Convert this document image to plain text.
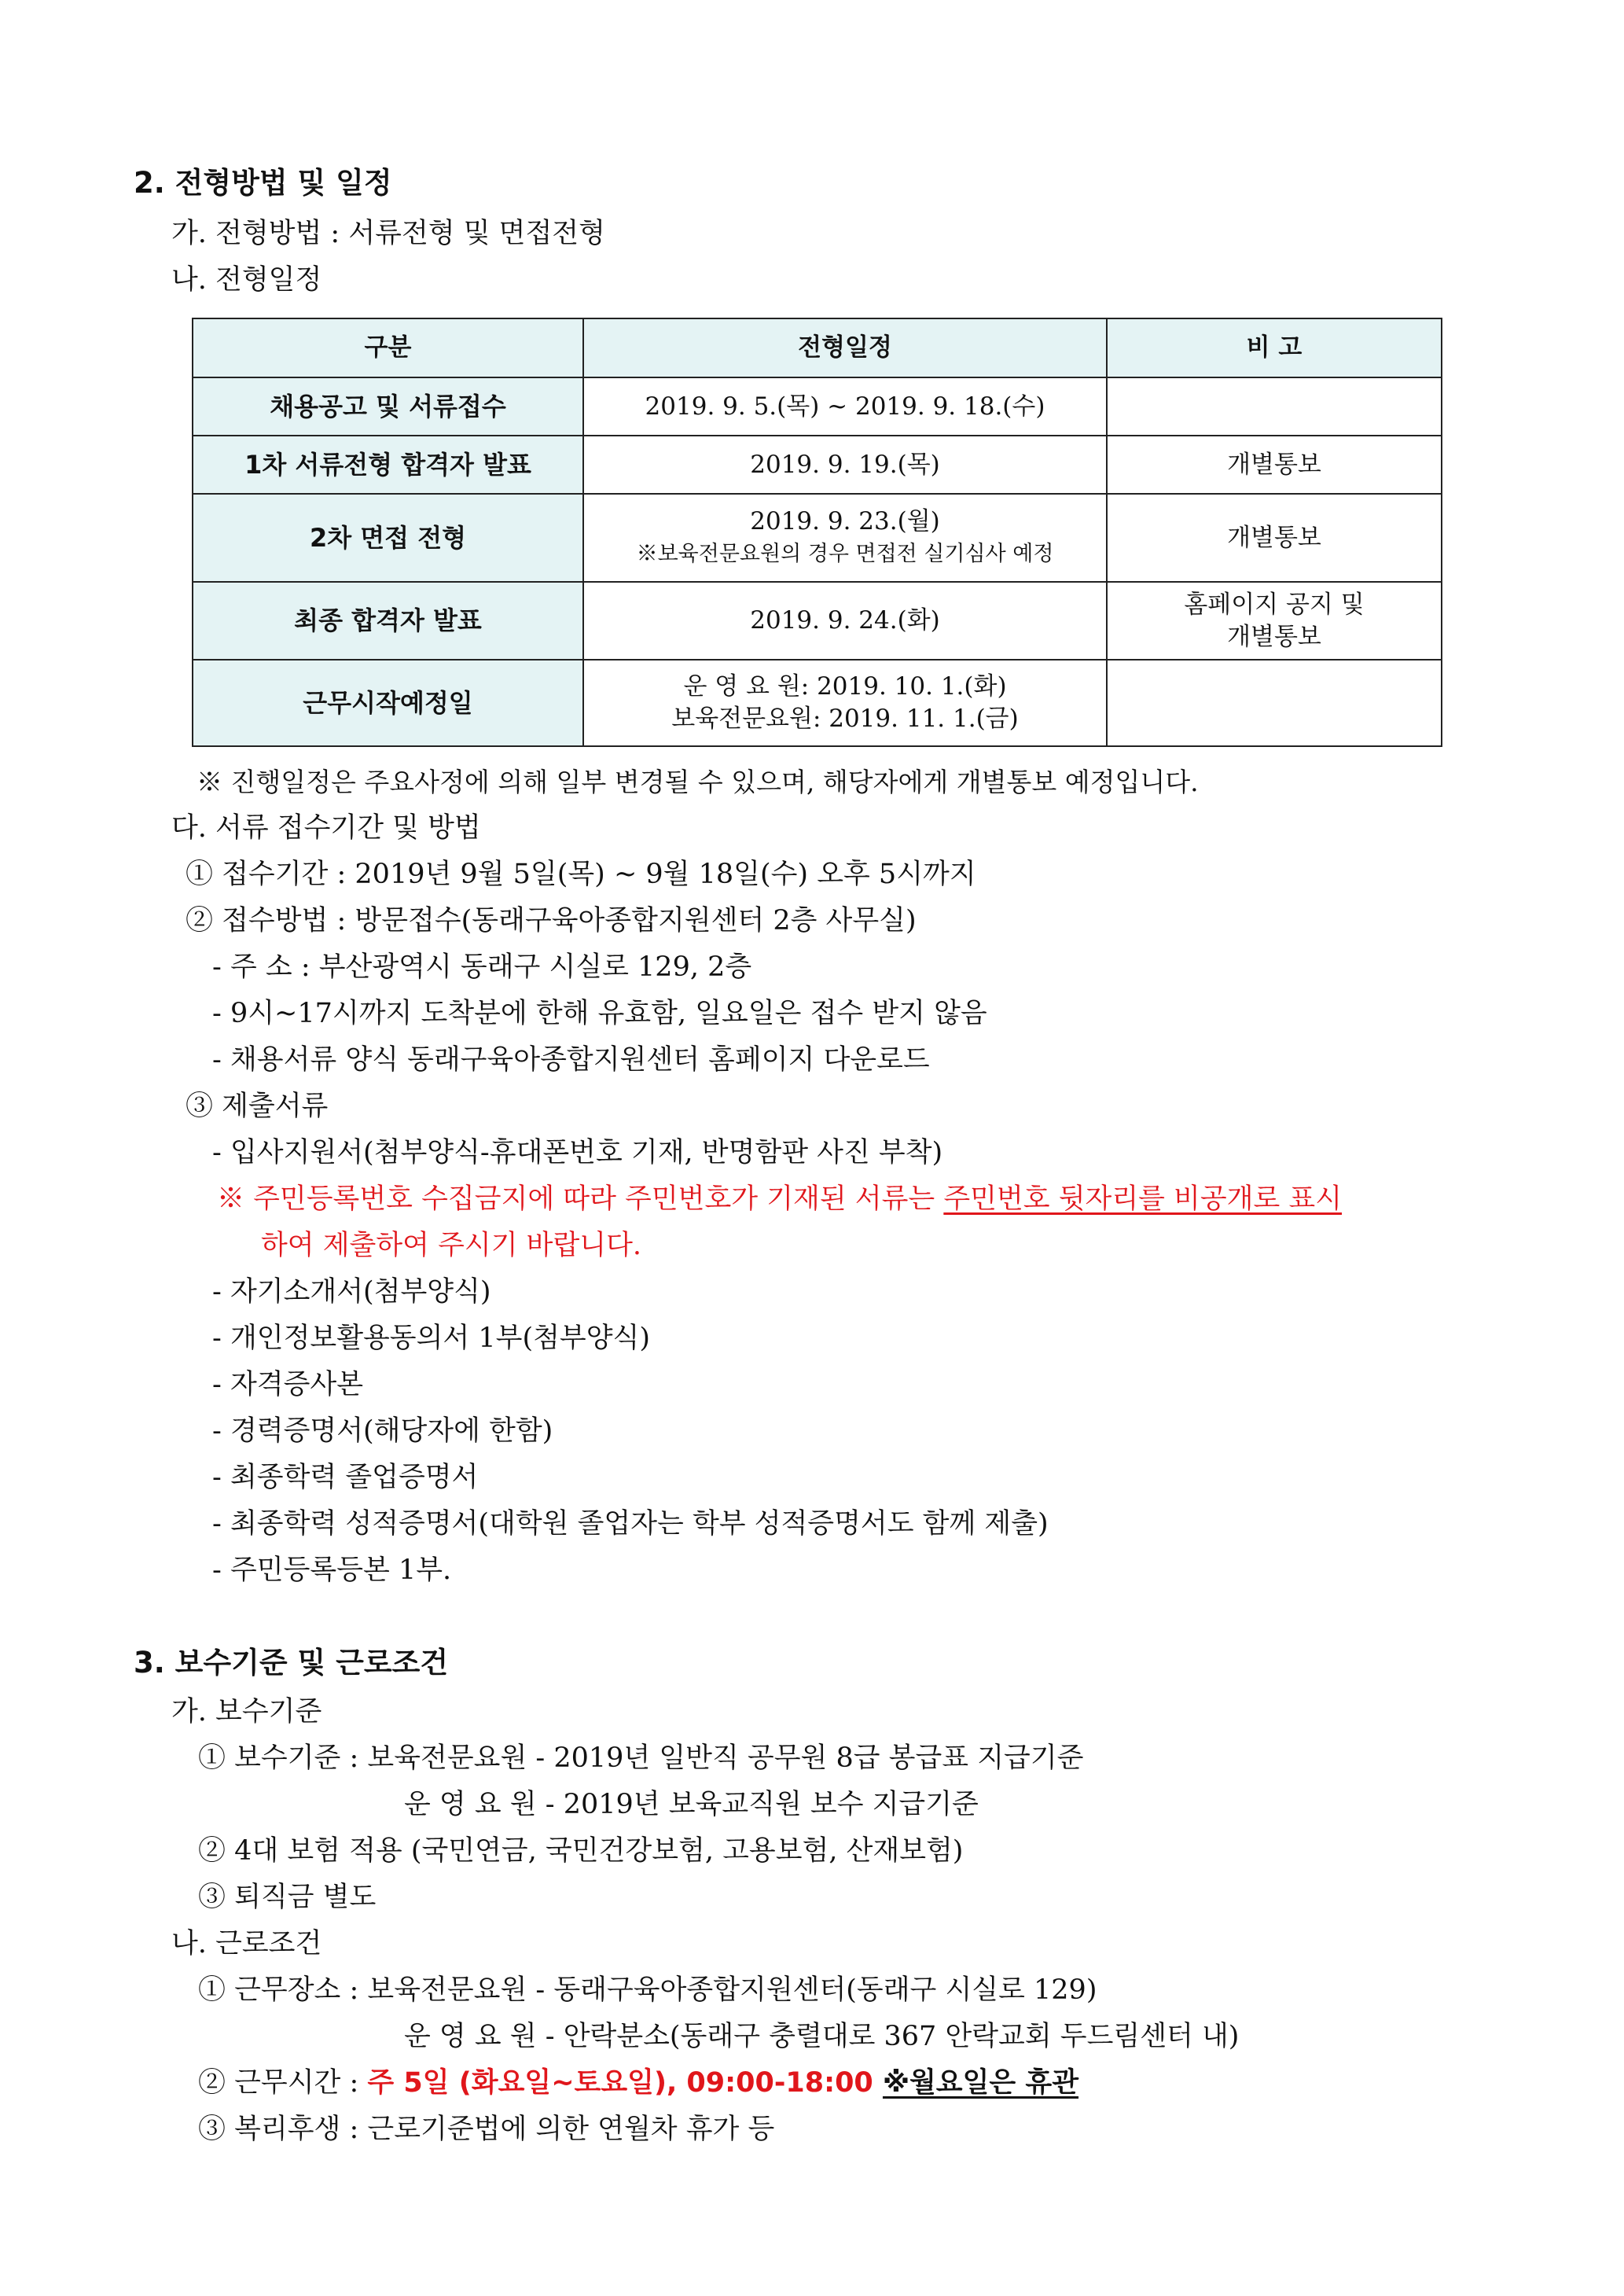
2. 전형방법 및 일정
가. 전형방법 : 서류전형 및 면접전형
나. 전형일정
구분	전형일정	비 고
채용공고 및 서류접수	2019. 9. 5.(목) ~ 2019. 9. 18.(수)	

1차 서류전형 합격자 발표	2019. 9. 19.(목)	개별통보

2차 면접 전형	2019. 9. 23.(월)
※보육전문요원의 경우 면접전 실기심사 예정	개별통보

최종 합격자 발표	2019. 9. 24.(화)	홈페이지 공지 및
개별통보

근무시작예정일	운 영 요 원: 2019. 10. 1.(화)
보육전문요원: 2019. 11. 1.(금)	

※ 진행일정은 주요사정에 의해 일부 변경될 수 있으며, 해당자에게 개별통보 예정입니다.
다. 서류 접수기간 및 방법
① 접수기간 : 2019년 9월 5일(목) ~ 9월 18일(수) 오후 5시까지
② 접수방법 : 방문접수(동래구육아종합지원센터 2층 사무실)
- 주 소 : 부산광역시 동래구 시실로 129, 2층
- 9시~17시까지 도착분에 한해 유효함, 일요일은 접수 받지 않음
- 채용서류 양식 동래구육아종합지원센터 홈페이지 다운로드
③ 제출서류
- 입사지원서(첨부양식-휴대폰번호 기재, 반명함판 사진 부착)
※ 주민등록번호 수집금지에 따라 주민번호가 기재된 서류는 주민번호 뒷자리를 비공개로 표시
하여 제출하여 주시기 바랍니다.
- 자기소개서(첨부양식)
- 개인정보활용동의서 1부(첨부양식)
- 자격증사본
- 경력증명서(해당자에 한함)
- 최종학력 졸업증명서
- 최종학력 성적증명서(대학원 졸업자는 학부 성적증명서도 함께 제출)
- 주민등록등본 1부.
3. 보수기준 및 근로조건
가. 보수기준
① 보수기준 : 보육전문요원 - 2019년 일반직 공무원 8급 봉급표 지급기준
운 영 요 원 - 2019년 보육교직원 보수 지급기준
② 4대 보험 적용 (국민연금, 국민건강보험, 고용보험, 산재보험)
③ 퇴직금 별도
나. 근로조건
① 근무장소 : 보육전문요원 - 동래구육아종합지원센터(동래구 시실로 129)
운 영 요 원 - 안락분소(동래구 충렬대로 367 안락교회 두드림센터 내)
② 근무시간 : 주 5일 (화요일~토요일), 09:00-18:00 ※월요일은 휴관
③ 복리후생 : 근로기준법에 의한 연월차 휴가 등
